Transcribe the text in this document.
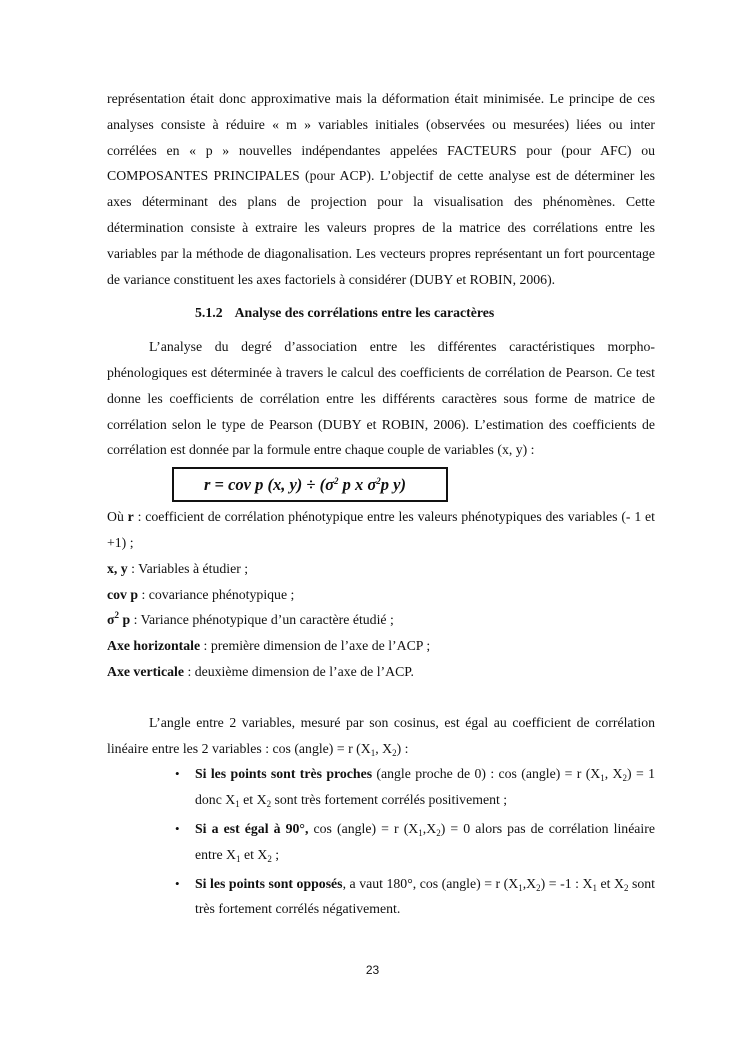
représentation était donc approximative mais la déformation était minimisée. Le principe de ces analyses consiste à réduire « m » variables initiales (observées ou mesurées) liées ou inter corrélées en « p » nouvelles indépendantes appelées FACTEURS pour (pour AFC) ou COMPOSANTES PRINCIPALES (pour ACP). L’objectif de cette analyse est de déterminer les axes déterminant des plans de projection pour la visualisation des phénomènes. Cette détermination consiste à extraire les valeurs propres de la matrice des corrélations entre les variables par la méthode de diagonalisation. Les vecteurs propres représentant un fort pourcentage de variance constituent les axes factoriels à considérer (DUBY et ROBIN, 2006).

5.1.2 Analyse des corrélations entre les caractères

L’analyse du degré d’association entre les différentes caractéristiques morpho-phénologiques est déterminée à travers le calcul des coefficients de corrélation de Pearson. Ce test donne les coefficients de corrélation entre les différents caractères sous forme de matrice de corrélation selon le type de Pearson (DUBY et ROBIN, 2006). L’estimation des coefficients de corrélation est donnée par la formule entre chaque couple de variables (x, y) :

r = cov p (x, $y) \div (\sigma^2$ p x $\sigma^2p$ y)

Où r : coefficient de corrélation phénotypique entre les valeurs phénotypiques des variables (- 1 et +1) ;

x, y : Variables à étudier ;

cov p : covariance phénotypique ;

$\sigma^2$ p : Variance phénotypique d’un caractère étudié ;

Axe horizontale : première dimension de l’axe de l’ACP ;

Axe verticale : deuxième dimension de l’axe de l’ACP.

L’angle entre 2 variables, mesuré par son cosinus, est égal au coefficient de corrélation linéaire entre les 2 variables : cos (angle) = r ($X_1$, $X_2$) :

• Si les points sont très proches (angle proche de 0) : cos (angle) = r ($X_1$, $X_2) = 1$ donc $X_1$ et $X_2$ sont très fortement corrélés positivement ;
• Si a est égal à 90°, cos (angle) = r $(X_1,X_2) = 0$ alors pas de corrélation linéaire entre $X_1$ et $X_2$ ;
• Si les points sont opposés, a vaut 180°, cos (angle) = r $(X_1,X_2) = -1$ : $X_1$ et $X_2$ sont très fortement corrélés négativement.
23
